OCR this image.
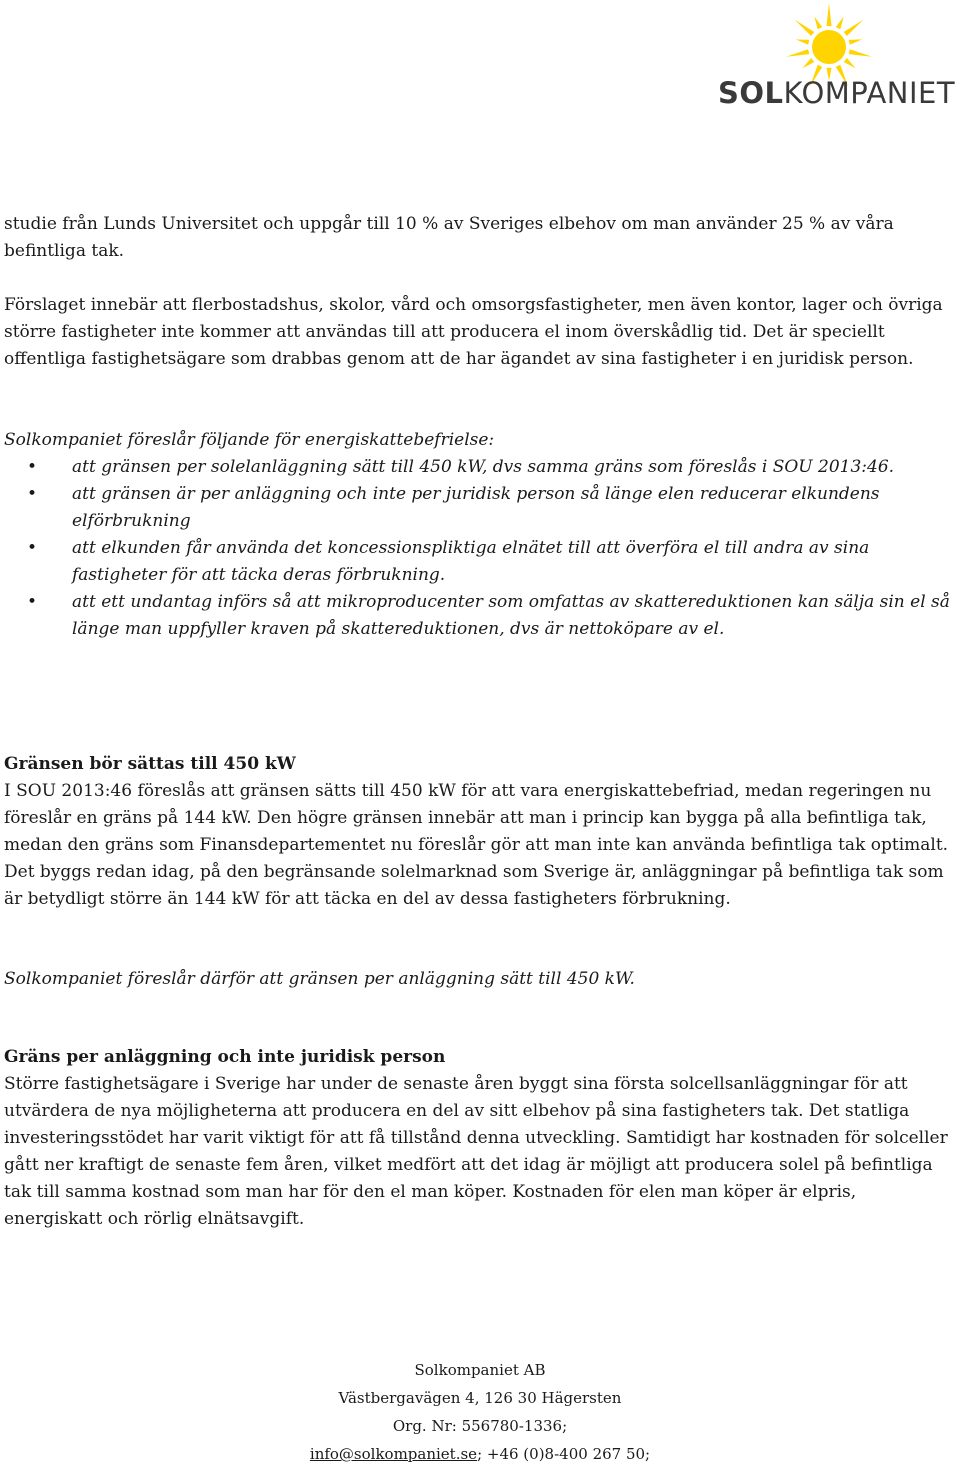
SOLKOMPANIET

studie från Lunds Universitet och uppgår till 10 % av Sveriges elbehov om man använder 25 % av våra befintliga tak.

Förslaget innebär att flerbostadshus, skolor, vård och omsorgsfastigheter, men även kontor, lager och övriga större fastigheter inte kommer att användas till att producera el inom överskådlig tid. Det är speciellt offentliga fastighetsägare som drabbas genom att de har ägandet av sina fastigheter i en juridisk person.

Solkompaniet föreslår följande för energiskattebefrielse:

• att gränsen per solelanläggning sätt till 450 kW, dvs samma gräns som föreslås i SOU 2013:46.
• att gränsen är per anläggning och inte per juridisk person så länge elen reducerar elkundens elförbrukning
• att elkunden får använda det koncessionspliktiga elnätet till att överföra el till andra av sina fastigheter för att täcka deras förbrukning.
• att ett undantag införs så att mikroproducenter som omfattas av skattereduktionen kan sälja sin el så länge man uppfyller kraven på skattereduktionen, dvs är nettoköpare av el.

Gränsen bör sättas till 450 kW

I SOU 2013:46 föreslås att gränsen sätts till 450 kW för att vara energiskattebefriad, medan regeringen nu föreslår en gräns på 144 kW. Den högre gränsen innebär att man i princip kan bygga på alla befintliga tak, medan den gräns som Finansdepartementet nu föreslår gör att man inte kan använda befintliga tak optimalt. Det byggs redan idag, på den begränsande solelmarknad som Sverige är, anläggningar på befintliga tak som är betydligt större än 144 kW för att täcka en del av dessa fastigheters förbrukning.

Solkompaniet föreslår därför att gränsen per anläggning sätt till 450 kW.

Gräns per anläggning och inte juridisk person

Större fastighetsägare i Sverige har under de senaste åren byggt sina första solcellsanläggningar för att utvärdera de nya möjligheterna att producera en del av sitt elbehov på sina fastigheters tak. Det statliga investeringsstödet har varit viktigt för att få tillstånd denna utveckling. Samtidigt har kostnaden för solceller gått ner kraftigt de senaste fem åren, vilket medfört att det idag är möjligt att producera solel på befintliga tak till samma kostnad som man har för den el man köper. Kostnaden för elen man köper är elpris, energiskatt och rörlig elnätsavgift.

Solkompaniet AB
Västbergavägen 4, 126 30 Hägersten
Org. Nr: 556780-1336;
info@solkompaniet.se; +46 (0)8-400 267 50;
